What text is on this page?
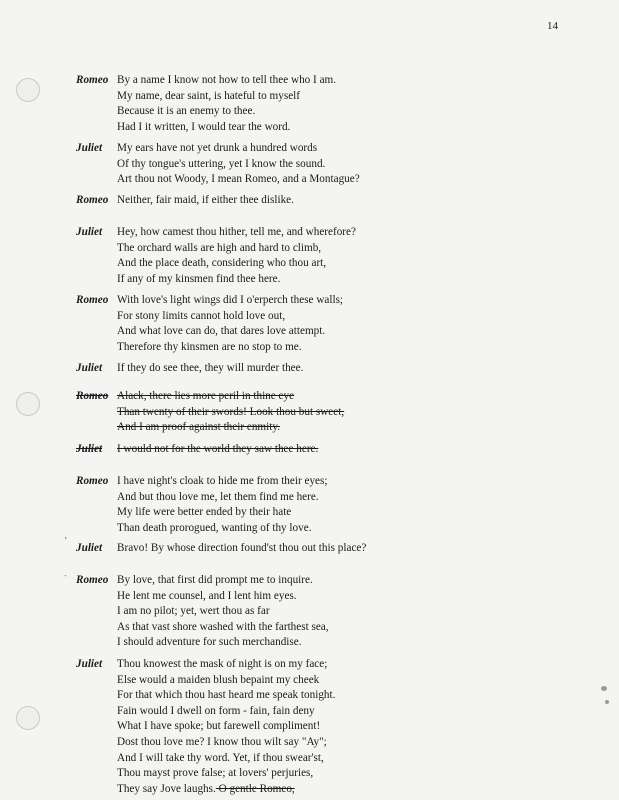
14
ʼ
ˎ
Romeo By a name I know not how to tell thee who I am.
My name, dear saint, is hateful to myself
Because it is an enemy to thee.
Had I it written, I would tear the word.
Juliet My ears have not yet drunk a hundred words
Of thy tongue's uttering, yet I know the sound.
Art thou not Woody, I mean Romeo, and a Montague?
Romeo Neither, fair maid, if either thee dislike.
Juliet Hey, how camest thou hither, tell me, and wherefore?
The orchard walls are high and hard to climb,
And the place death, considering who thou art,
If any of my kinsmen find thee here.
Romeo With love's light wings did I o'erperch these walls;
For stony limits cannot hold love out,
And what love can do, that dares love attempt.
Therefore thy kinsmen are no stop to me.
Juliet If they do see thee, they will murder thee.
Romeo Alack, there lies more peril in thine eye
Than twenty of their swords! Look thou but sweet,
And I am proof against their enmity.
Juliet I would not for the world they saw thee here.
Romeo I have night's cloak to hide me from their eyes;
And but thou love me, let them find me here.
My life were better ended by their hate
Than death prorogued, wanting of thy love.
Juliet Bravo! By whose direction found'st thou out this place?
Romeo By love, that first did prompt me to inquire.
He lent me counsel, and I lent him eyes.
I am no pilot; yet, wert thou as far
As that vast shore washed with the farthest sea,
I should adventure for such merchandise.
Juliet Thou knowest the mask of night is on my face;
Else would a maiden blush bepaint my cheek
For that which thou hast heard me speak tonight.
Fain would I dwell on form - fain, fain deny
What I have spoke; but farewell compliment!
Dost thou love me? I know thou wilt say "Ay";
And I will take thy word. Yet, if thou swear'st,
Thou mayst prove false; at lovers' perjuries,
They say Jove laughs. O gentle Romeo,
